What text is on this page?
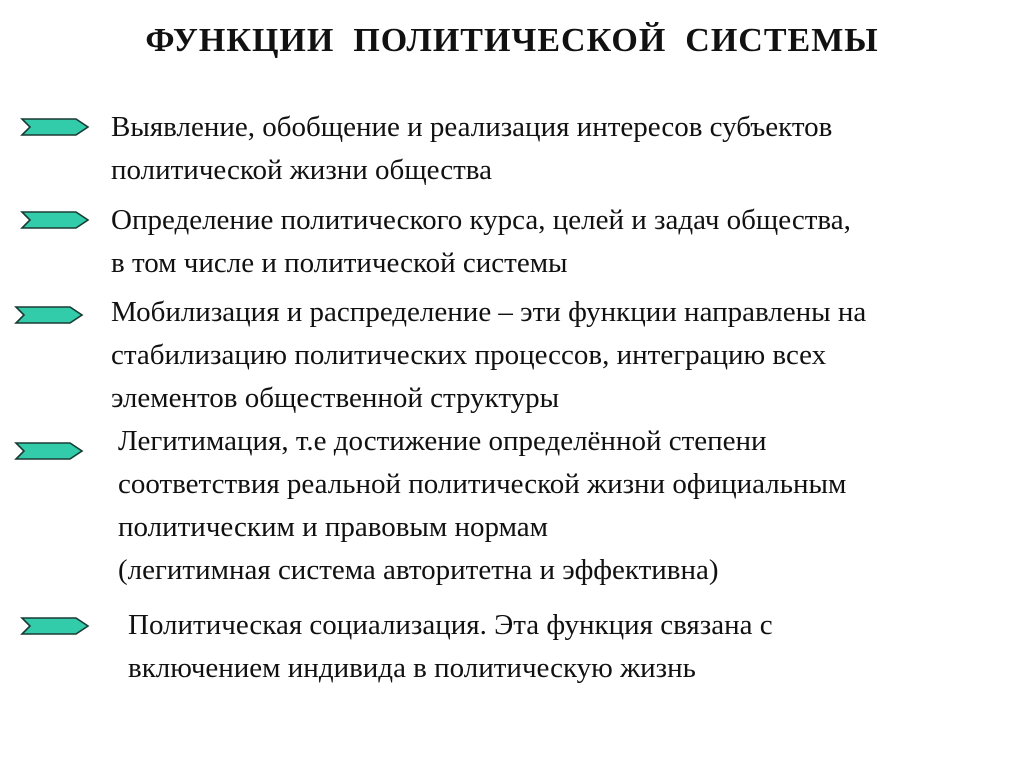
ФУНКЦИИ  ПОЛИТИЧЕСКОЙ  СИСТЕМЫ
Выявление, обобщение и реализация интересов субъектов
политической жизни общества
Определение политического курса, целей и задач общества,
в том числе и политической системы
Мобилизация и распределение – эти функции направлены на
стабилизацию политических процессов, интеграцию всех
элементов общественной структуры
Легитимация, т.е достижение определённой степени
соответствия реальной политической жизни официальным
политическим и правовым нормам
(легитимная система авторитетна и эффективна)
Политическая социализация. Эта функция связана с
включением индивида в политическую жизнь
